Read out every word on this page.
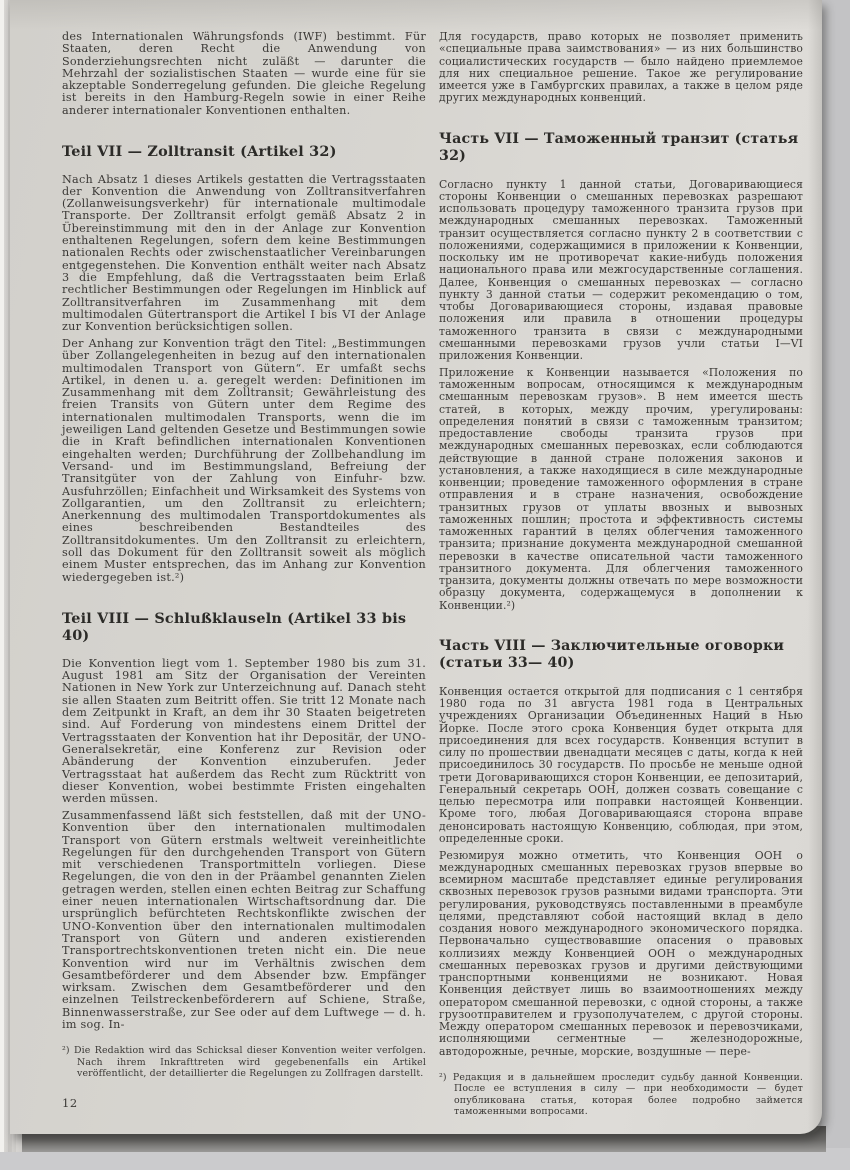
des Internationalen Währungsfonds (IWF) bestimmt. Für Staaten, deren Recht die Anwendung von Sonderziehungsrechten nicht zuläßt — darunter die Mehrzahl der sozialistischen Staaten — wurde eine für sie akzeptable Sonderregelung gefunden. Die gleiche Regelung ist bereits in den Hamburg-Regeln sowie in einer Reihe anderer internationaler Konventionen enthalten.

Teil VII — Zolltransit (Artikel 32)

Nach Absatz 1 dieses Artikels gestatten die Vertragsstaaten der Konvention die Anwendung von Zolltransitverfahren (Zollanweisungsverkehr) für internationale multimodale Transporte. Der Zolltransit erfolgt gemäß Absatz 2 in Übereinstimmung mit den in der Anlage zur Konvention enthaltenen Regelungen, sofern dem keine Bestimmungen nationalen Rechts oder zwischenstaatlicher Vereinbarungen entgegenstehen. Die Konvention enthält weiter nach Absatz 3 die Empfehlung, daß die Vertragsstaaten beim Erlaß rechtlicher Bestimmungen oder Regelungen im Hinblick auf Zolltransitverfahren im Zusammenhang mit dem multimodalen Gütertransport die Artikel I bis VI der Anlage zur Konvention berücksichtigen sollen.

Der Anhang zur Konvention trägt den Titel: „Bestimmungen über Zollangelegenheiten in bezug auf den internationalen multimodalen Transport von Gütern“. Er umfaßt sechs Artikel, in denen u. a. geregelt werden: Definitionen im Zusammenhang mit dem Zolltransit; Gewährleistung des freien Transits von Gütern unter dem Regime des internationalen multimodalen Transports, wenn die im jeweiligen Land geltenden Gesetze und Bestimmungen sowie die in Kraft befindlichen internationalen Konventionen eingehalten werden; Durchführung der Zollbehandlung im Versand- und im Bestimmungsland, Befreiung der Transitgüter von der Zahlung von Einfuhr- bzw. Ausfuhrzöllen; Einfachheit und Wirksamkeit des Systems von Zollgarantien, um den Zolltransit zu erleichtern; Anerkennung des multimodalen Transportdokumentes als eines beschreibenden Bestandteiles des Zolltransitdokumentes. Um den Zolltransit zu erleichtern, soll das Dokument für den Zolltransit soweit als möglich einem Muster entsprechen, das im Anhang zur Konvention wiedergegeben ist.²)

Teil VIII — Schlußklauseln (Artikel 33 bis 40)

Die Konvention liegt vom 1. September 1980 bis zum 31. August 1981 am Sitz der Organisation der Vereinten Nationen in New York zur Unterzeichnung auf. Danach steht sie allen Staaten zum Beitritt offen. Sie tritt 12 Monate nach dem Zeitpunkt in Kraft, an dem ihr 30 Staaten beigetreten sind. Auf Forderung von mindestens einem Drittel der Vertragsstaaten der Konvention hat ihr Depositär, der UNO-Generalsekretär, eine Konferenz zur Revision oder Abänderung der Konvention einzuberufen. Jeder Vertragsstaat hat außerdem das Recht zum Rücktritt von dieser Konvention, wobei bestimmte Fristen eingehalten werden müssen.

Zusammenfassend läßt sich feststellen, daß mit der UNO-Konvention über den internationalen multimodalen Transport von Gütern erstmals weltweit vereinheitlichte Regelungen für den durchgehenden Transport von Gütern mit verschiedenen Transportmitteln vorliegen. Diese Regelungen, die von den in der Präambel genannten Zielen getragen werden, stellen einen echten Beitrag zur Schaffung einer neuen internationalen Wirtschaftsordnung dar. Die ursprünglich befürchteten Rechtskonflikte zwischen der UNO-Konvention über den internationalen multimodalen Transport von Gütern und anderen existierenden Transportrechtskonventionen treten nicht ein. Die neue Konvention wird nur im Verhältnis zwischen dem Gesamtbeförderer und dem Absender bzw. Empfänger wirksam. Zwischen dem Gesamtbeförderer und den einzelnen Teilstreckenbeförderern auf Schiene, Straße, Binnenwasserstraße, zur See oder auf dem Luftwege — d. h. im sog. In-

²) Die Redaktion wird das Schicksal dieser Konvention weiter verfolgen. Nach ihrem Inkrafttreten wird gegebenenfalls ein Artikel veröffentlicht, der detaillierter die Regelungen zu Zollfragen darstellt.

Для государств, право которых не позволяет применить «специальные права заимствования» — из них большинство социалистических государств — было найдено приемлемое для них специальное решение. Такое же регулирование имеется уже в Гамбургских правилах, а также в целом ряде других международных конвенций.

Часть VII — Таможенный транзит (статья 32)

Согласно пункту 1 данной статьи, Договаривающиеся стороны Конвенции о смешанных перевозках разрешают использовать процедуру таможенного транзита грузов при международных смешанных перевозках. Таможенный транзит осуществляется согласно пункту 2 в соответствии с положениями, содержащимися в приложении к Конвенции, поскольку им не противоречат какие-нибудь положения национального права или межгосударственные соглашения. Далее, Конвенция о смешанных перевозках — согласно пункту 3 данной статьи — содержит рекомендацию о том, чтобы Договаривающиеся стороны, издавая правовые положения или правила в отношении процедуры таможенного транзита в связи с международными смешанными перевозками грузов учли статьи I—VI приложения Конвенции.

Приложение к Конвенции называется «Положения по таможенным вопросам, относящимся к международным смешанным перевозкам грузов». В нем имеется шесть статей, в которых, между прочим, урегулированы: определения понятий в связи с таможенным транзитом; предоставление свободы транзита грузов при международных смешанных перевозках, если соблюдаются действующие в данной стране положения законов и установления, а также находящиеся в силе международные конвенции; проведение таможенного оформления в стране отправления и в стране назначения, освобождение транзитных грузов от уплаты ввозных и вывозных таможенных пошлин; простота и эффективность системы таможенных гарантий в целях облегчения таможенного транзита; признание документа международной смешанной перевозки в качестве описательной части таможенного транзитного документа. Для облегчения таможенного транзита, документы должны отвечать по мере возможности образцу документа, содержащемуся в дополнении к Конвенции.²)

Часть VIII — Заключительные оговорки (статьи 33— 40)

Конвенция остается открытой для подписания с 1 сентября 1980 года по 31 августа 1981 года в Центральных учреждениях Организации Объединенных Наций в Нью Йорке. После этого срока Конвенция будет открыта для присоединения для всех государств. Конвенция вступит в силу по прошествии двенадцати месяцев с даты, когда к ней присоединилось 30 государств. По просьбе не меньше одной трети Договаривающихся сторон Конвенции, ее депозитарий, Генеральный секретарь ООН, должен созвать совещание с целью пересмотра или поправки настоящей Конвенции. Кроме того, любая Договаривающаяся сторона вправе денонсировать настоящую Конвенцию, соблюдая, при этом, определенные сроки.

Резюмируя можно отметить, что Конвенция ООН о международных смешанных перевозках грузов впервые во всемирном масштабе представляет единые регулирования сквозных перевозок грузов разными видами транспорта. Эти регулирования, руководствуясь поставленными в преамбуле целями, представляют собой настоящий вклад в дело создания нового международного экономического порядка. Первоначально существовавшие опасения о правовых коллизиях между Конвенцией ООН о международных смешанных перевозках грузов и другими действующими транспортными конвенциями не возникают. Новая Конвенция действует лишь во взаимоотношениях между оператором смешанной перевозки, с одной стороны, а также грузоотправителем и грузополучателем, с другой стороны. Между оператором смешанных перевозок и перевозчиками, исполняющими сегментные — железнодорожные, автодорожные, речные, морские, воздушные — пере-

²) Редакция и в дальнейшем проследит судьбу данной Конвенции. После ее вступления в силу — при необходимости — будет опубликована статья, которая более подробно займется таможенными вопросами.
12
